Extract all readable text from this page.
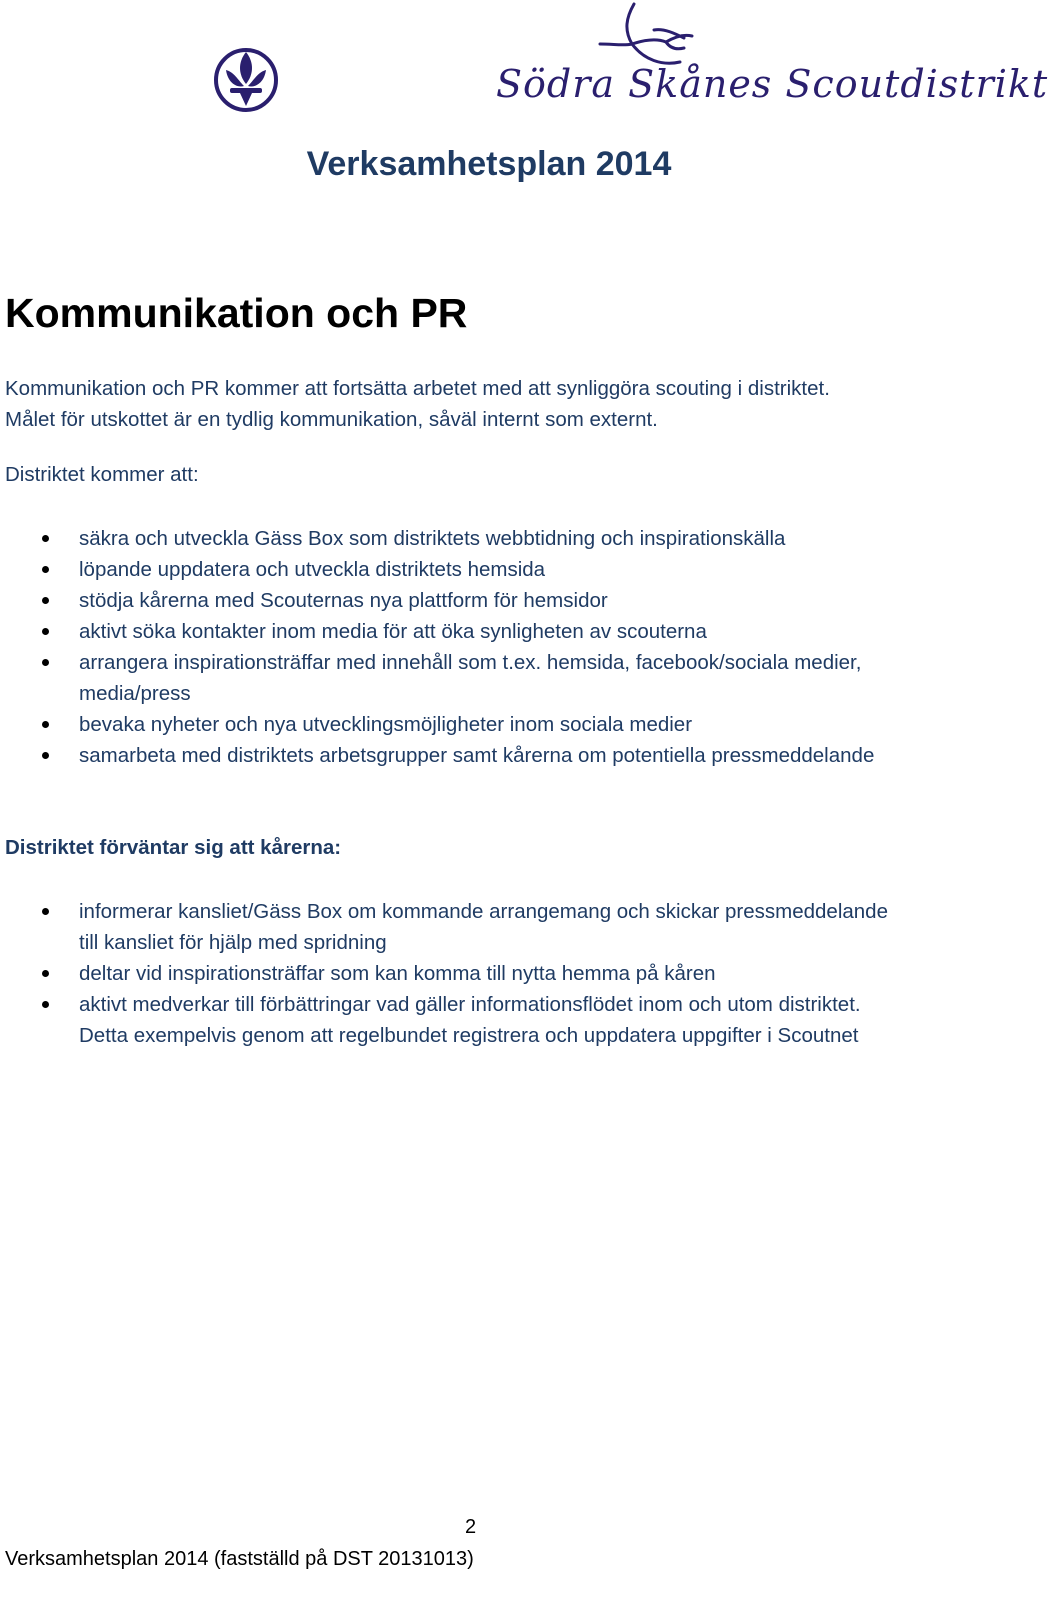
Södra Skånes Scoutdistrikt
Verksamhetsplan 2014
Kommunikation och PR
Kommunikation och PR kommer att fortsätta arbetet med att synliggöra scouting i distriktet.
Målet för utskottet är en tydlig kommunikation, såväl internt som externt.
Distriktet kommer att:
säkra och utveckla Gäss Box som distriktets webbtidning och inspirationskälla
löpande uppdatera och utveckla distriktets hemsida
stödja kårerna med Scouternas nya plattform för hemsidor
aktivt söka kontakter inom media för att öka synligheten av scouterna
arrangera inspirationsträffar med innehåll som t.ex. hemsida, facebook/sociala medier, media/press
bevaka nyheter och nya utvecklingsmöjligheter inom sociala medier
samarbeta med distriktets arbetsgrupper samt kårerna om potentiella pressmeddelande
Distriktet förväntar sig att kårerna:
informerar kansliet/Gäss Box om kommande arrangemang och skickar pressmeddelande till kansliet för hjälp med spridning
deltar vid inspirationsträffar som kan komma till nytta hemma på kåren
aktivt medverkar till förbättringar vad gäller informationsflödet inom och utom distriktet. Detta exempelvis genom att regelbundet registrera och uppdatera uppgifter i Scoutnet
2
Verksamhetsplan 2014 (fastställd på DST 20131013)
